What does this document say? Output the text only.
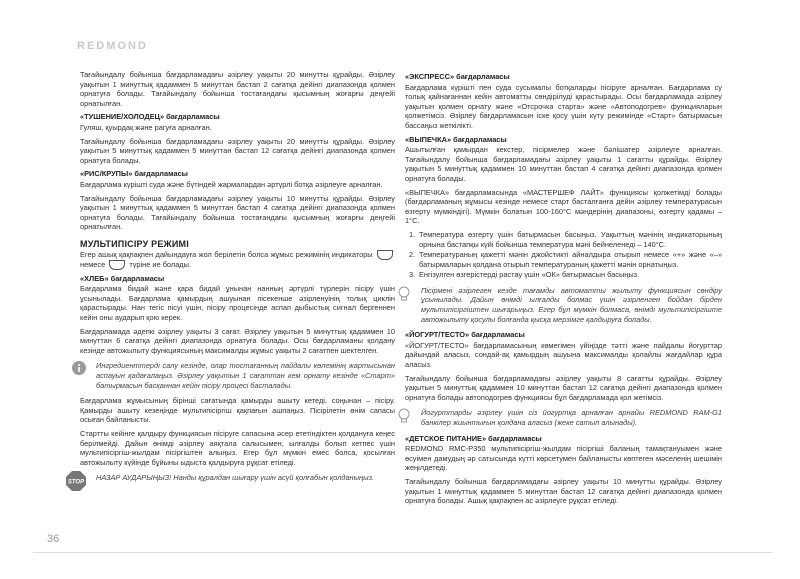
REDMOND

Тағайындалу бойынша бағдарламадағы әзірлеу уақыты 20 минутты құрайды. Әзірлеу уақытын 1 минуттық қадаммен 5 минуттан бастап 2 сағатқа дейінгі диапазонда қолмен орнатуға болады. Тағайындалу бойынша тостағандағы қысымның жоғарғы деңгейі орнатылған.

«ТУШЕНИЕ/ХОЛОДЕЦ» бағдарламасы

Гуляш, қуырдақ және рагуға арналған.

Тағайындалу бойынша бағдарламадағы әзірлеу уақыты 20 минутты құрайды. Әзірлеу уақытын 5 минуттық қадаммен 5 минуттан бастап 12 сағатқа дейінгі диапазонда қолмен орнатуға болады.

«РИС/КРУПЫ» бағдарламасы

Бағдарлама күрішті суда және бүтіндей жармалардан әртүрлі ботқа әзірлеуге арналған.

Тағайындалу бойынша бағдарламадағы әзірлеу уақыты 10 минутты құрайды. Әзірлеу уақытын 1 минуттық қадаммен 5 минуттан бастап 4 сағатқа дейінгі диапазонда қолмен орнатуға болады. Тағайындалу бойынша тостағандағы қысымның жоғарғы деңгейі орнатылған.

МУЛЬТИПІСІРУ РЕЖИМІ

Егер ашық қақпақпен дайындауға жол берілетін болса жұмыс режимінің индикаторы  немесе	түріне ие болады.

«ХЛЕБ» бағдарламасы

Бағдарлама бидай және қара бидай ұнынан нанның әртүрлі түрлерін пісіру үшін ұсынылады. Бағдарлама қамырдың ашуынан пісекенше әзірленуінің толық циклін қарастырады. Нан тегіс пісуі үшін, пісіру процесінде аспап дыбыстық сигнал бергеннен кейін оны аударып қою керек.

Бағдарламада әдепкі әзірлеу уақыты 3 сағат. Әзірлеу уақытын 5 минуттық қадаммен 10 минуттан 6 сағатқа дейінгі диапазонда орнатуға болады. Осы бағдарламаны қолдану кезінде автожылыту функциясының максималды жұмыс уақыты 2 сағатпен шектелген.

Ингредиенттерді салу кезінде, олар тостағанның пайдалы көлемінің жартысынан аспауын қадағалаңыз. Әзірлеу уақытын 1 сағаттан кем орнату кезінде «Старт» батырмасын басқаннан кейін пісіру процесі басталады.

Бағдарлама жұмысының бірінші сағатында қамырды ашыту кетеді, соңынан – пісіру. Қамырды ашыту кезеңінде мультипісіргіш қақпағын ашпаңыз. Пісірілетін өнім сапасы осыған байланысты.

Стартты кейінге қалдыру функциясын пісіруге сапасына әсер ететіндіктен қолдануға кеңес берілмейді. Дайын өнімді әзірлеу аяқтала салысымен, ылғалды болып кетпес үшін мультипісіргіш-жылдам пісіргіштен алыңыз. Егер бұл мүмкін емес болса, қосылған автожылыту күйінде бұйыны ыдыста қалдыруға рұқсат етіледі.

STOP
НАЗАР АУДАРЫҢЫЗ! Нанды құралдан шығару үшін асүй қолғабын қолданыңыз.
«ЭКСПРЕСС» бағдарламасы

Бағдарлама күрішті пен суда сусымалы ботқаларды пісіруге арналған. Бағдарлама су толық қайнағаннан кейін автоматты сөндірілуді қарастырады. Осы бағдарламада әзірлеу уақытын қолмен орнату және «Отсрочка старта» және «Автоподогрев» функцияларын қолжетімсіз. Әзірлеу бағдарламасын іске қосу үшін күту режимінде «Старт» батырмасын бассаңыз жеткілікті.

«ВЫПЕЧКА» бағдарламасы

Ашытылған қамырдан кекстер, пісірмелер және бәлішатер әзірлеуге арналған. Тағайындалу бойынша бағдарламадағы әзірлеу уақыты 1 сағатты құрайды. Әзірлеу уақытын 5 минуттық қадаммен 10 минуттан бастап 4 сағатқа дейінгі диапазонда қолмен орнатуға болады.

«ВЫПЕЧКА» бағдарламасында «МАСТЕРШЕФ ЛАЙТ» функциясы қолжетімді болады (бағдарламаның жұмысы кезінде немесе старт басталғанға дейін әзірлеу температурасын өзгерту мүмкіндігі). Мүмкін болатын 100-160°С мәндерінің диапазоны, өзгерту қадамы – 1°С.

1. Температура өзгерту үшін батырмасын басыңыз. Уақыттың мәнінің индикаторының орнына бастапқы күйі бойынша температура мәні бейнеленеді – 140°С.
2. Температураның қажетті мәнін джойстикті айналдыра отырып немесе «+» және «–» батырмаларын қолдана отырып температураның қажетті мәнін орнатыңыз.
3. Енгізулген өзгерістерді растау үшін «ОК» батырмасын басыңыз.
Пісірмені әзірлеген кезде тағамды автоматты жылыту функциясын сөндіру ұсынылады. Дайын өнімді ылғалды болмас үшін әзірленген бойдан бірден мультипісіргіштен шығарыңыз. Егер бұл мүмкін болмаса, өнімді мультипісіргіште автожылыту қосулы болғанда қысқа мерзімге қалдыруға болады.
«ЙОГУРТ/ТЕСТО» бағдарламасы

«ЙОГУРТ/ТЕСТО» бағдарламасының көмегімен үйіңізде тәтті және пайдалы йогурттар дайындай аласыз, сондай-ақ қамырдың ашуына максималды қолайлы жағдайлар құра аласыз.

Тағайындалу бойынша бағдарламадағы әзірлеу уақыты 8 сағатты құрайды. Әзірлеу уақытын 5 минуттық қадаммен 10 минуттан бастап 12 сағатқа дейінгі диапазонда қолмен орнатуға болады автоподогрев функциясы бұл бағдарламада қол жетімсіз.

Йогурттарды әзірлеу үшін сіз йогуртқа арналған арнайы REDMOND RAM-G1 банкілер жиынтығын қолдана аласыз (жеке сатып алынады).
«ДЕТСКОЕ ПИТАНИЕ» бағдарламасы

REDMOND RMC-P350 мультипісіргіш-жылдам пісіргіші баланың тамақтануымен және өсуімен дамудың әр сатысында күтті көрсетумен байланысты көптеген мәселенің шешімін жеңілдетеді.

Тағайындалу бойынша бағдарламадағы әзірлеу уақыты 10 минутты құрайды. Әзірлеу уақытын 1 минуттық қадаммен 5 минуттан бастап 12 сағатқа дейінгі диапазонда қолмен орнатуға болады. Ашық қақпақпен ас әзірлеуге рұқсат етіледі.

36
